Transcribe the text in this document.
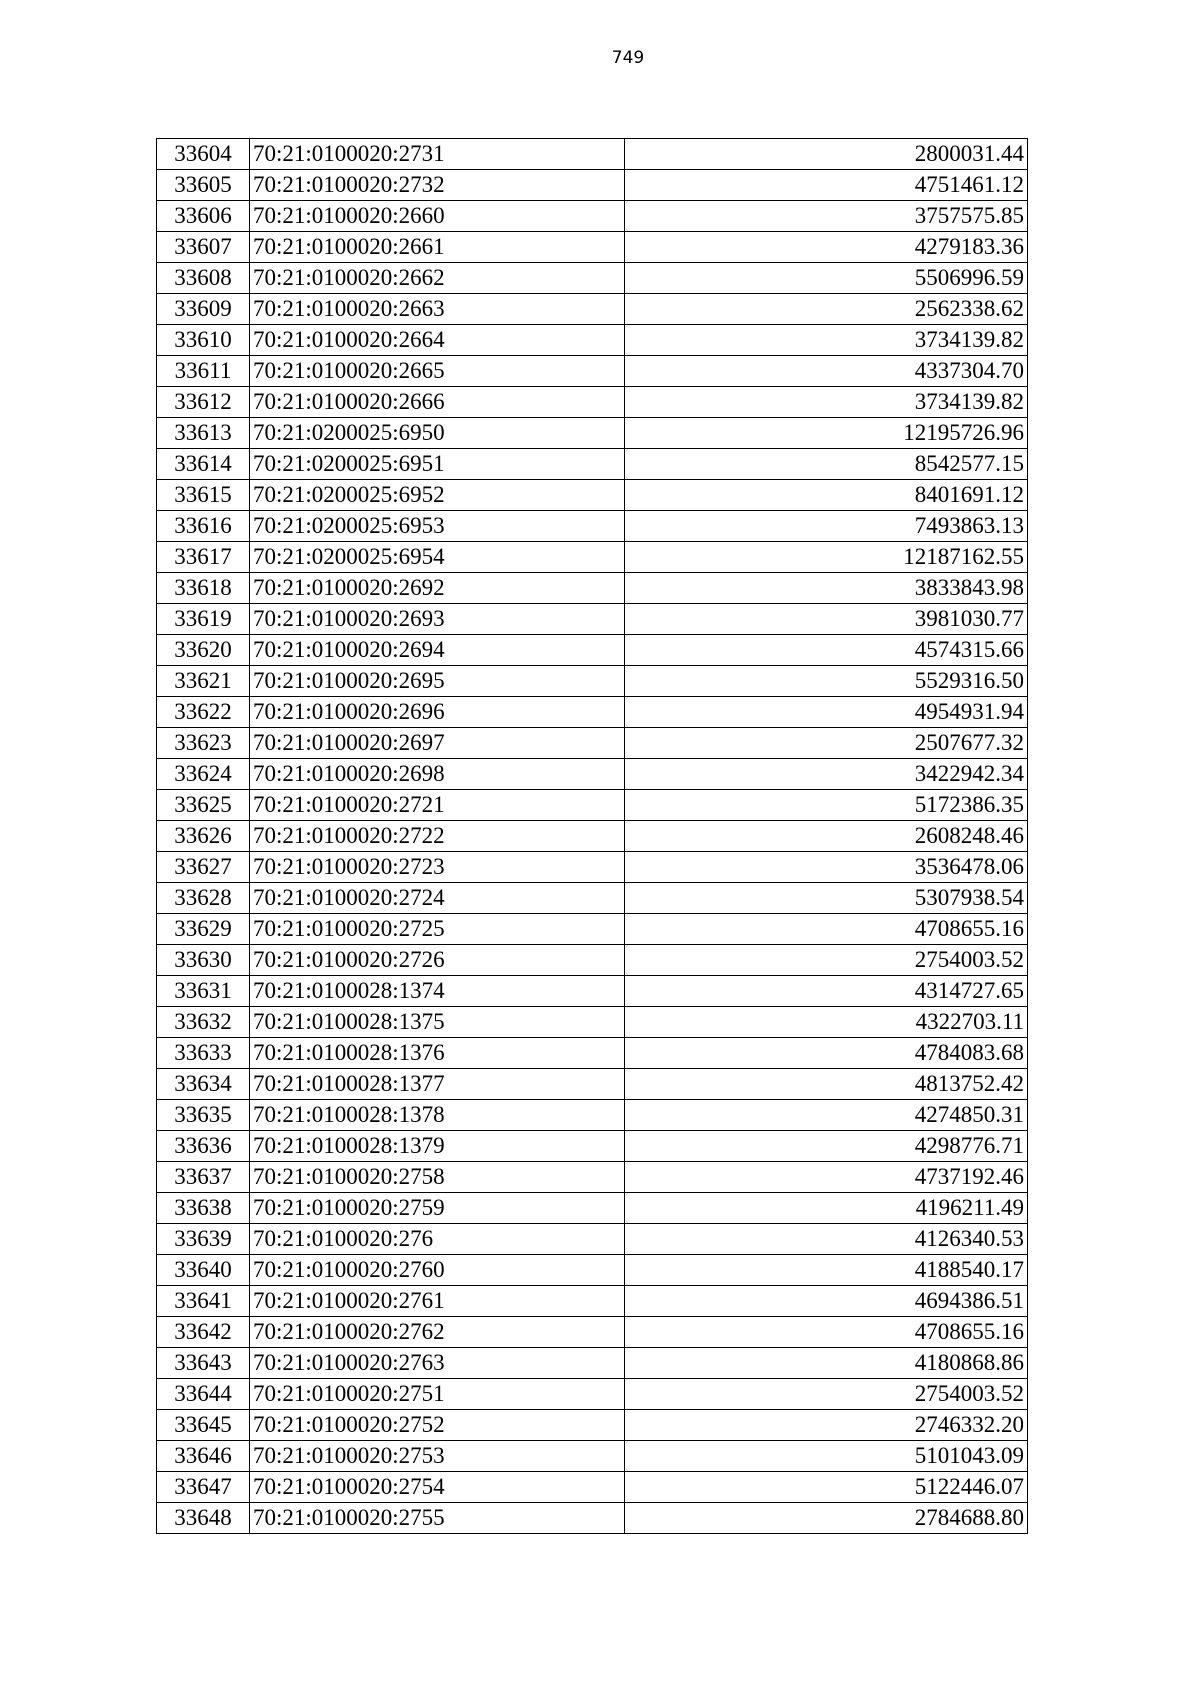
749
33604	70:21:0100020:2731	2800031.44
33605	70:21:0100020:2732	4751461.12
33606	70:21:0100020:2660	3757575.85
33607	70:21:0100020:2661	4279183.36
33608	70:21:0100020:2662	5506996.59
33609	70:21:0100020:2663	2562338.62
33610	70:21:0100020:2664	3734139.82
33611	70:21:0100020:2665	4337304.70
33612	70:21:0100020:2666	3734139.82
33613	70:21:0200025:6950	12195726.96
33614	70:21:0200025:6951	8542577.15
33615	70:21:0200025:6952	8401691.12
33616	70:21:0200025:6953	7493863.13
33617	70:21:0200025:6954	12187162.55
33618	70:21:0100020:2692	3833843.98
33619	70:21:0100020:2693	3981030.77
33620	70:21:0100020:2694	4574315.66
33621	70:21:0100020:2695	5529316.50
33622	70:21:0100020:2696	4954931.94
33623	70:21:0100020:2697	2507677.32
33624	70:21:0100020:2698	3422942.34
33625	70:21:0100020:2721	5172386.35
33626	70:21:0100020:2722	2608248.46
33627	70:21:0100020:2723	3536478.06
33628	70:21:0100020:2724	5307938.54
33629	70:21:0100020:2725	4708655.16
33630	70:21:0100020:2726	2754003.52
33631	70:21:0100028:1374	4314727.65
33632	70:21:0100028:1375	4322703.11
33633	70:21:0100028:1376	4784083.68
33634	70:21:0100028:1377	4813752.42
33635	70:21:0100028:1378	4274850.31
33636	70:21:0100028:1379	4298776.71
33637	70:21:0100020:2758	4737192.46
33638	70:21:0100020:2759	4196211.49
33639	70:21:0100020:276	4126340.53
33640	70:21:0100020:2760	4188540.17
33641	70:21:0100020:2761	4694386.51
33642	70:21:0100020:2762	4708655.16
33643	70:21:0100020:2763	4180868.86
33644	70:21:0100020:2751	2754003.52
33645	70:21:0100020:2752	2746332.20
33646	70:21:0100020:2753	5101043.09
33647	70:21:0100020:2754	5122446.07
33648	70:21:0100020:2755	2784688.80
